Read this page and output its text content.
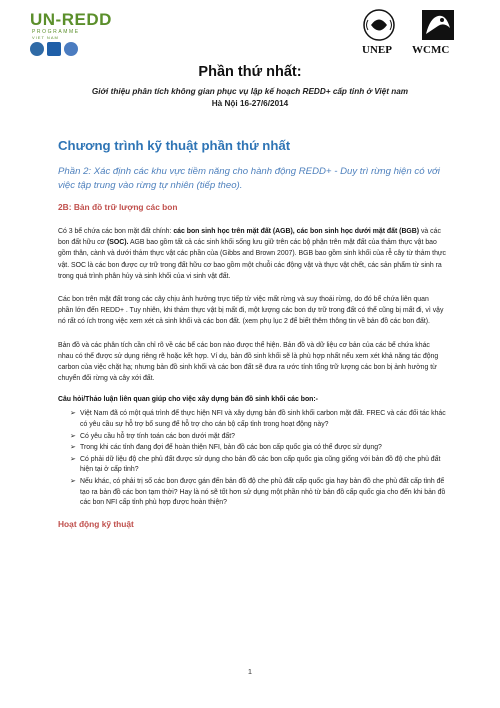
UN-REDD
PROGRAMME
VIET NAM
UNEP WCMC
Phần thứ nhất:
Giới thiệu phân tích không gian phục vụ lập kế hoạch REDD+ cấp tỉnh ở Việt nam
Hà Nội 16-27/6/2014
Chương trình kỹ thuật phần thứ nhất
Phần 2: Xác định các khu vực tiềm năng cho hành động REDD+ - Duy trì rừng hiện có với việc tập trung vào rừng tự nhiên (tiếp theo).
2B: Bản đồ trữ lượng các bon

Có 3 bể chứa các bon mặt đất chính: các bon sinh học trên mặt đất (AGB), các bon sinh học dưới mặt đất (BGB) và các bon đất hữu cơ (SOC). AGB bao gồm tất cả các sinh khối sống lưu giữ trên các bộ phận trên mặt đất của thảm thực vật bao gồm thân, cành và dưới thảm thực vật các phần của (Gibbs and Brown 2007). BGB bao gồm sinh khối của rễ cây từ thảm thực vật. SOC là các bon được cự trữ trong đất hữu cơ bao gồm một chuỗi các động vật và thực vật chết, các sản phẩm từ sinh ra trong quá trình phân hủy và sinh khối của vi sinh vật đất.

Các bon trên mặt đất trong các cây chịu ảnh hưởng trực tiếp từ việc mất rừng và suy thoái rừng, do đó bể chứa liên quan phần lớn đến REDD+ . Tuy nhiên, khi thảm thực vật bị mất đi, một lượng các bon dự trữ trong đất có thể cũng bị mất đi, vì vậy nó rất có ích trong việc xem xét cả sinh khối và các bon đất. (xem phụ lục 2 để biết thêm thông tin về bản đồ các bon đất).

Bản đồ và các phân tích cần chỉ rõ về các bể các bon nào được thể hiện. Bản đồ và dữ liệu cơ bản của các bể chứa khác nhau có thể được sử dụng riêng rẽ hoặc kết hợp. Ví dụ, bản đồ sinh khối sẽ là phù hợp nhất nếu xem xét khả năng tác động carbon của việc chặt hạ; nhưng bản đồ sinh khối và các bon đất sẽ đưa ra ước tính tổng trữ lượng các bon bị ảnh hưởng từ chuyển đổi rừng và cây xới đất.

Câu hỏi/Thảo luận liên quan giúp cho việc xây dựng bản đồ sinh khối các bon:-
➢ Việt Nam đã có một quá trình để thực hiện NFI và xây dựng bản đồ sinh khối carbon mặt đất. FREC và các đối tác khác có yêu cầu sự hỗ trợ bổ sung để hỗ trợ cho cán bộ cấp tỉnh trong hoạt động này?
➢ Có yêu cầu hỗ trợ tính toán các bon dưới mặt đất?
➢ Trong khi các tỉnh đang đợi để hoàn thiện NFI, bản đồ các bon cấp quốc gia có thể được sử dụng?
➢ Có phải dữ liệu độ che phủ đất được sử dụng cho bản đồ các bon cấp quốc gia cũng giống với bản đồ độ che phủ đất hiện tại ở cấp tỉnh?
➢ Nếu khác, có phải trị số các bon được gán đến bản đồ độ che phủ đất cấp quốc gia hay bản đồ che phủ đất cấp tỉnh để tạo ra bản đồ các bon tạm thời? Hay là nó sẽ tốt hơn sử dụng một phần nhỏ từ bản đồ cấp quốc gia cho đến khi bản đồ các bon NFI cấp tỉnh phù hợp được hoàn thiện?
Hoạt động kỹ thuật
1
